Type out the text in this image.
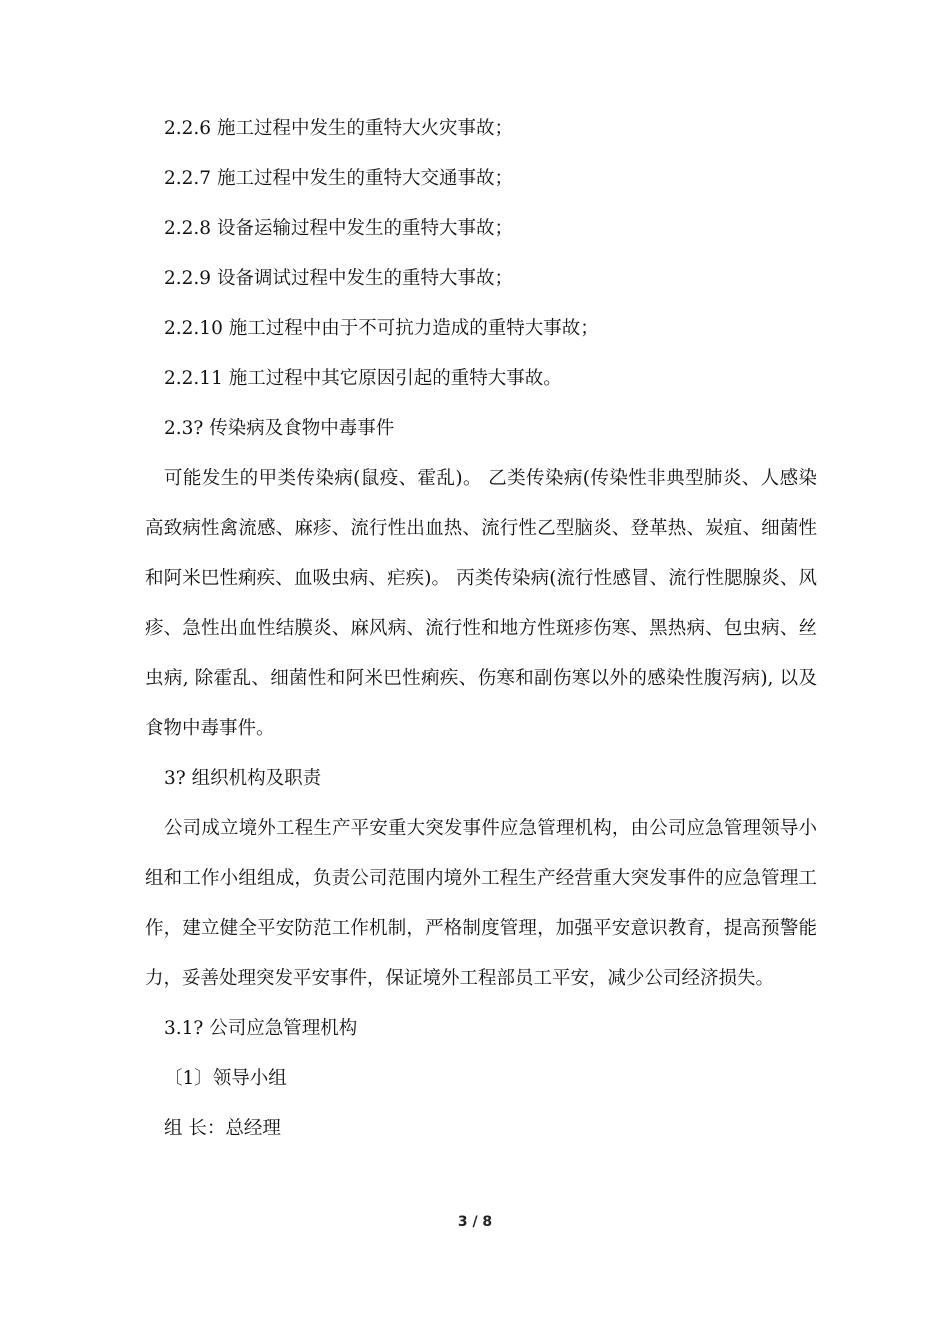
2.2.6 施工过程中发生的重特大火灾事故；

2.2.7 施工过程中发生的重特大交通事故；

2.2.8 设备运输过程中发生的重特大事故；

2.2.9 设备调试过程中发生的重特大事故；

2.2.10 施工过程中由于不可抗力造成的重特大事故；

2.2.11 施工过程中其它原因引起的重特大事故。

2.3? 传染病及食物中毒事件

可能发生的甲类传染病(鼠疫、霍乱)。 乙类传染病(传染性非典型肺炎、人感染高致病性禽流感、麻疹、流行性出血热、流行性乙型脑炎、登革热、炭疽、细菌性和阿米巴性痢疾、血吸虫病、疟疾)。 丙类传染病(流行性感冒、流行性腮腺炎、风疹、急性出血性结膜炎、麻风病、流行性和地方性斑疹伤寒、黑热病、包虫病、丝虫病, 除霍乱、细菌性和阿米巴性痢疾、伤寒和副伤寒以外的感染性腹泻病), 以及食物中毒事件。

3? 组织机构及职责

公司成立境外工程生产平安重大突发事件应急管理机构，由公司应急管理领导小组和工作小组组成，负责公司范围内境外工程生产经营重大突发事件的应急管理工作，建立健全平安防范工作机制，严格制度管理，加强平安意识教育，提高预警能力，妥善处理突发平安事件，保证境外工程部员工平安，减少公司经济损失。

3.1? 公司应急管理机构

〔1〕领导小组

组 长：总经理

3 / 8
